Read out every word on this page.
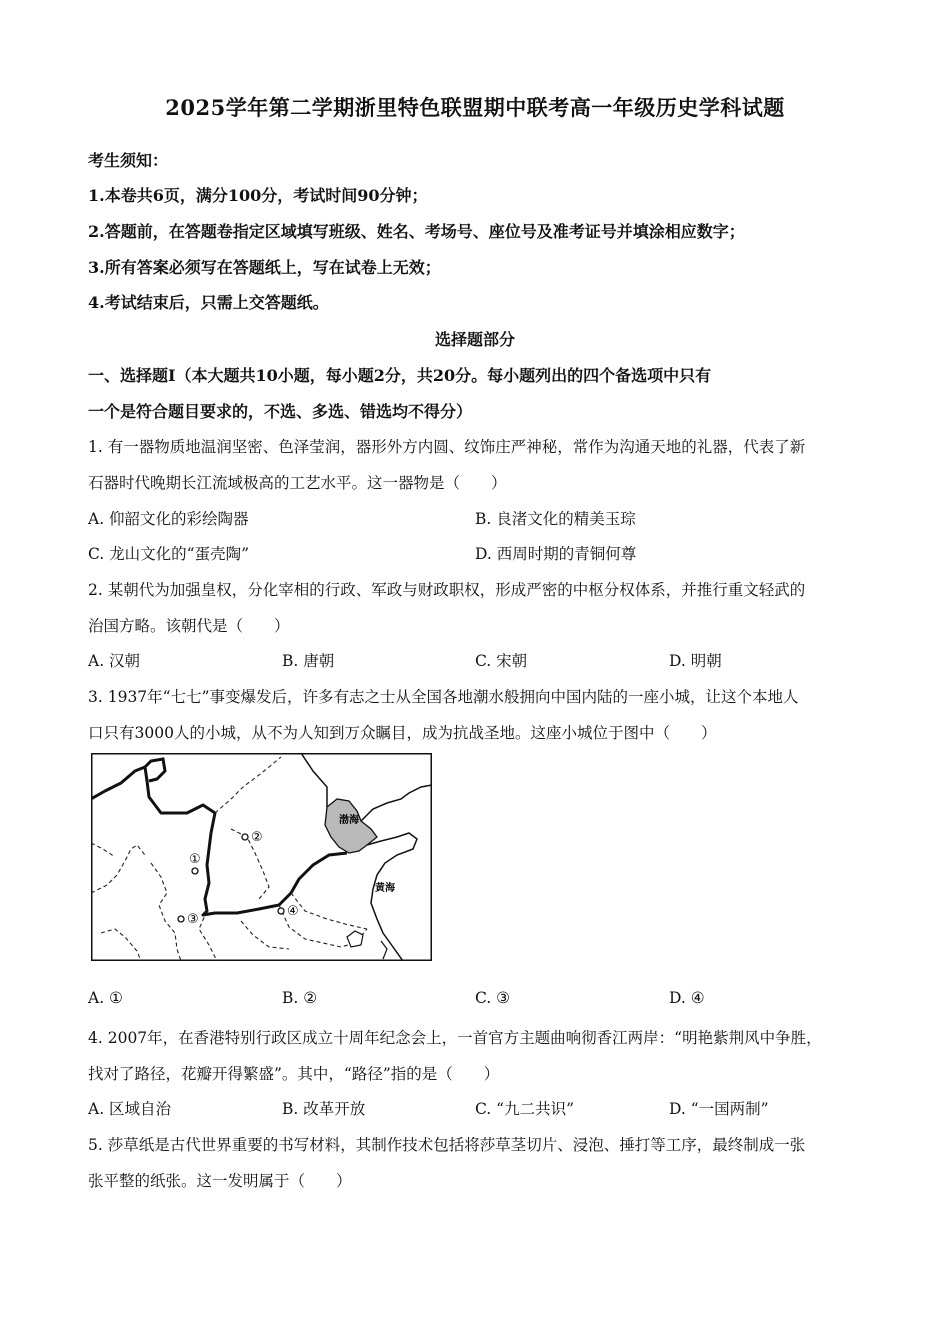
2025学年第二学期浙里特色联盟期中联考高一年级历史学科试题
考生须知：
1.本卷共6页，满分100分，考试时间90分钟；
2.答题前，在答题卷指定区域填写班级、姓名、考场号、座位号及准考证号并填涂相应数字；
3.所有答案必须写在答题纸上，写在试卷上无效；
4.考试结束后，只需上交答题纸。
选择题部分
一、选择题Ⅰ（本大题共10小题，每小题2分，共20分。每小题列出的四个备选项中只有
一个是符合题目要求的，不选、多选、错选均不得分）
1. 有一器物质地温润坚密、色泽莹润，器形外方内圆、纹饰庄严神秘，常作为沟通天地的礼器，代表了新
石器时代晚期长江流域极高的工艺水平。这一器物是（　　）
A. 仰韶文化的彩绘陶器	B. 良渚文化的精美玉琮
C. 龙山文化的“蛋壳陶”	D. 西周时期的青铜何尊
2. 某朝代为加强皇权，分化宰相的行政、军政与财政职权，形成严密的中枢分权体系，并推行重文轻武的
治国方略。该朝代是（　　）
A. 汉朝	B. 唐朝	C. 宋朝	D. 明朝
3. 1937年“七七”事变爆发后，许多有志之士从全国各地潮水般拥向中国内陆的一座小城，让这个本地人
口只有3000人的小城，从不为人知到万众瞩目，成为抗战圣地。这座小城位于图中（　　）
②
①
③
④
渤海
黄海
A. ①	B. ②	C. ③	D. ④
4. 2007年，在香港特别行政区成立十周年纪念会上，一首官方主题曲响彻香江两岸：“明艳紫荆风中争胜，
找对了路径，花瓣开得繁盛”。其中，“路径”指的是（　　）
A. 区域自治	B. 改革开放	C. “九二共识”	D. “一国两制”
5. 莎草纸是古代世界重要的书写材料，其制作技术包括将莎草茎切片、浸泡、捶打等工序，最终制成一张
张平整的纸张。这一发明属于（　　）
